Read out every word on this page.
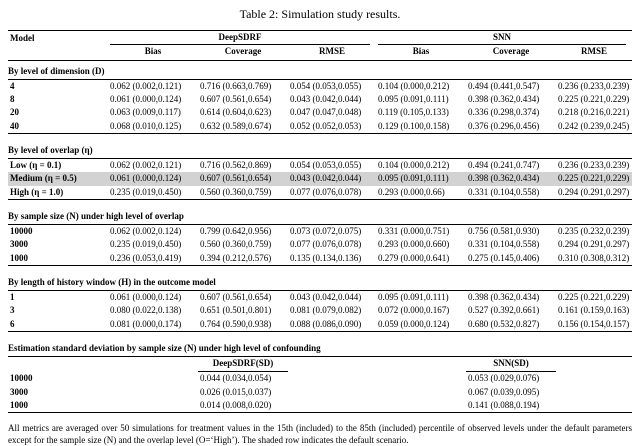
Table 2: Simulation study results.
Model	DeepSDRF			SNN		

	Bias	Coverage	RMSE	Bias	Coverage	RMSE

By level of dimension (D)						
4	0.062 (0.002,0.121)	0.716 (0.663,0.769)	0.054 (0.053,0.055)	0.104 (0.000,0.212)	0.494 (0.441,0.547)	0.236 (0.233,0.239)
8	0.061 (0.000,0.124)	0.607 (0.561,0.654)	0.043 (0.042,0.044)	0.095 (0.091,0.111)	0.398 (0.362,0.434)	0.225 (0.221,0.229)
20	0.063 (0.009,0.117)	0.614 (0.604,0.623)	0.047 (0.047,0.048)	0.119 (0.105,0.133)	0.336 (0.298,0.374)	0.218 (0.216,0.221)
40	0.068 (0.010,0.125)	0.632 (0.589,0.674)	0.052 (0.052,0.053)	0.129 (0.100,0.158)	0.376 (0.296,0.456)	0.242 (0.239,0.245)

By level of overlap (η)						
Low (η = 0.1)	0.062 (0.002,0.121)	0.716 (0.562,0.869)	0.054 (0.053,0.055)	0.104 (0.000,0.212)	0.494 (0.241,0.747)	0.236 (0.233,0.239)
Medium (η = 0.5)	0.061 (0.000,0.124)	0.607 (0.561,0.654)	0.043 (0.042,0.044)	0.095 (0.091,0.111)	0.398 (0.362,0.434)	0.225 (0.221,0.229)
High (η = 1.0)	0.235 (0.019,0.450)	0.560 (0.360,0.759)	0.077 (0.076,0.078)	0.293 (0.000,0.66)	0.331 (0.104,0.558)	0.294 (0.291,0.297)

By sample size (N) under high level of overlap						
10000	0.062 (0.002,0.124)	0.799 (0.642,0.956)	0.073 (0.072,0.075)	0.331 (0.000,0.751)	0.756 (0.581,0.930)	0.235 (0.232,0.239)
3000	0.235 (0.019,0.450)	0.560 (0.360,0.759)	0.077 (0.076,0.078)	0.293 (0.000,0.660)	0.331 (0.104,0.558)	0.294 (0.291,0.297)
1000	0.236 (0.053,0.419)	0.394 (0.212,0.576)	0.135 (0.134,0.136)	0.279 (0.000,0.641)	0.275 (0.145,0.406)	0.310 (0.308,0.312)

By length of history window (H) in the outcome model						
1	0.061 (0.000,0.124)	0.607 (0.561,0.654)	0.043 (0.042,0.044)	0.095 (0.091,0.111)	0.398 (0.362,0.434)	0.225 (0.221,0.229)
3	0.080 (0.022,0.138)	0.651 (0.501,0.801)	0.081 (0.079,0.082)	0.072 (0.000,0.167)	0.527 (0.392,0.661)	0.161 (0.159,0.163)
6	0.081 (0.000,0.174)	0.764 (0.590,0.938)	0.088 (0.086,0.090)	0.059 (0.000,0.124)	0.680 (0.532,0.827)	0.156 (0.154,0.157)

Estimation standard deviation by sample size (N) under high level of confounding						
		DeepSDRF(SD)			SNN(SD)	
10000		0.044 (0.034,0.054)			0.053 (0.029,0.076)	
3000		0.026 (0.015,0.037)			0.067 (0.039,0.095)	
1000		0.014 (0.008,0.020)			0.141 (0.088,0.194)	

All metrics are averaged over 50 simulations for treatment values in the 15th (included) to the 85th (included) percentile of observed levels under the default parameters except for the sample size (N) and the overlap level (O=‘High’). The shaded row indicates the default scenario.
